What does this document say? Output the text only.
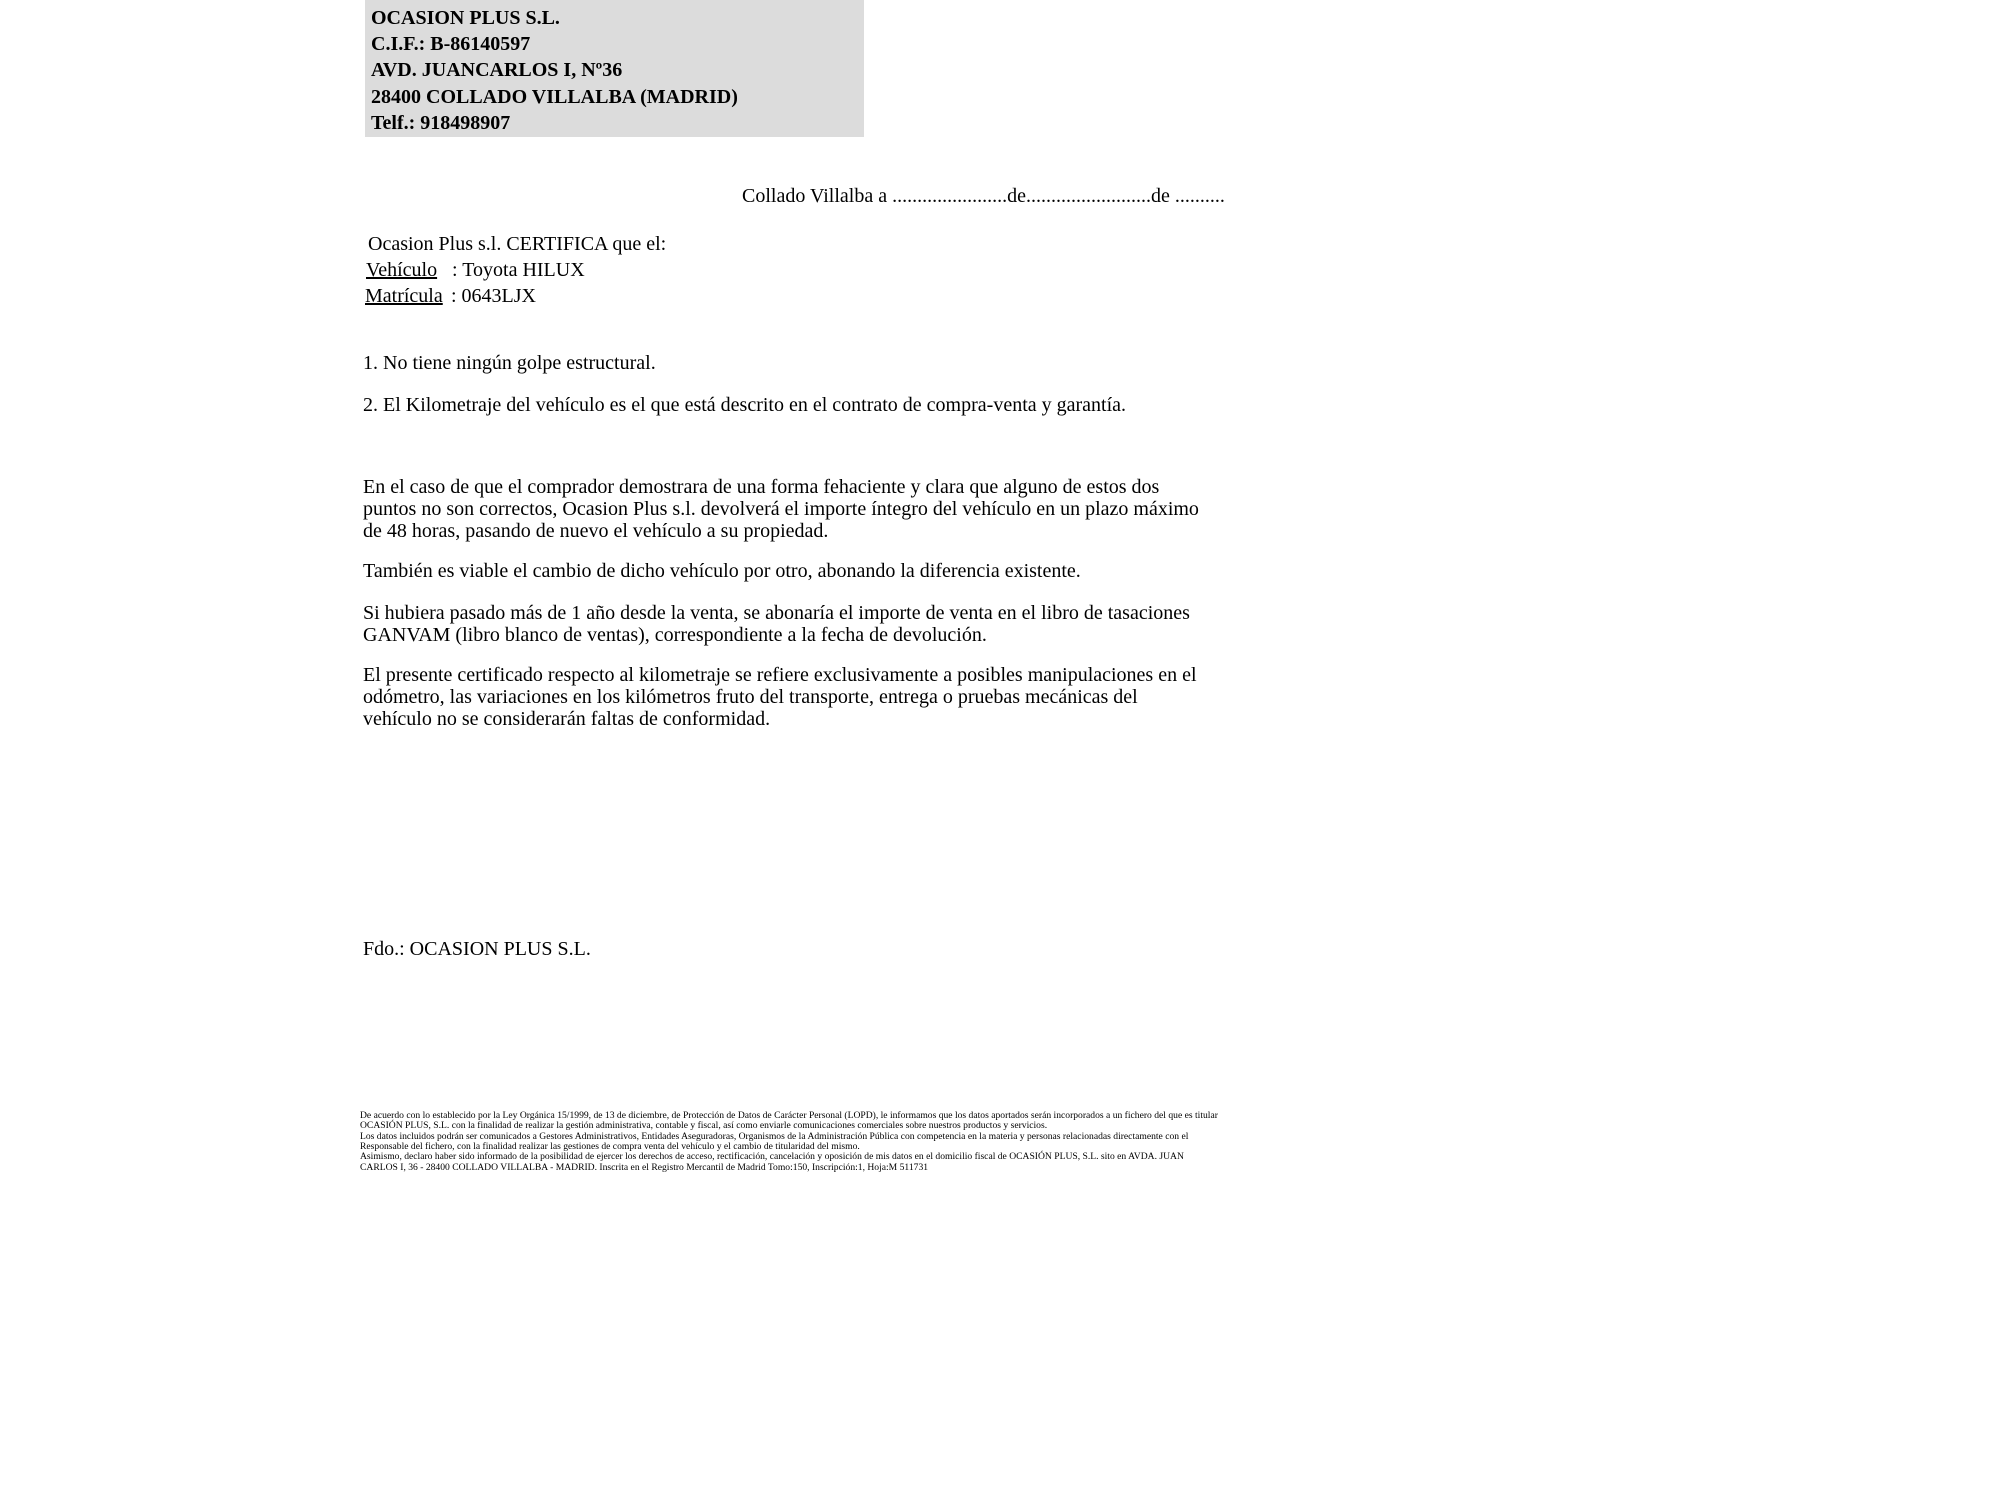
OCASION PLUS S.L.
C.I.F.: B-86140597
AVD. JUANCARLOS I, Nº36
28400 COLLADO VILLALBA (MADRID)
Telf.: 918498907
Collado Villalba a .......................de.........................de ..........
Ocasion Plus s.l. CERTIFICA que el:
Vehículo : Toyota HILUX
Matrícula : 0643LJX
1. No tiene ningún golpe estructural.
2. El Kilometraje del vehículo es el que está descrito en el contrato de compra-venta y garantía.
En el caso de que el comprador demostrara de una forma fehaciente y clara que alguno de estos dos puntos no son correctos, Ocasion Plus s.l. devolverá el importe íntegro del vehículo en un plazo máximo de 48 horas, pasando de nuevo el vehículo a su propiedad.
También es viable el cambio de dicho vehículo por otro, abonando la diferencia existente.
Si hubiera pasado más de 1 año desde la venta, se abonaría el importe de venta en el libro de tasaciones GANVAM (libro blanco de ventas), correspondiente a la fecha de devolución.
El presente certificado respecto al kilometraje se refiere exclusivamente a posibles manipulaciones en el odómetro, las variaciones en los kilómetros fruto del transporte, entrega o pruebas mecánicas del vehículo no se considerarán faltas de conformidad.
Fdo.: OCASION PLUS S.L.
De acuerdo con lo establecido por la Ley Orgánica 15/1999, de 13 de diciembre, de Protección de Datos de Carácter Personal (LOPD), le informamos que los datos aportados serán incorporados a un fichero del que es titular
OCASIÓN PLUS, S.L. con la finalidad de realizar la gestión administrativa, contable y fiscal, así como enviarle comunicaciones comerciales sobre nuestros productos y servicios.
Los datos incluidos podrán ser comunicados a Gestores Administrativos, Entidades Aseguradoras, Organismos de la Administración Pública con competencia en la materia y personas relacionadas directamente con el
Responsable del fichero, con la finalidad realizar las gestiones de compra venta del vehículo y el cambio de titularidad del mismo.
Asimismo, declaro haber sido informado de la posibilidad de ejercer los derechos de acceso, rectificación, cancelación y oposición de mis datos en el domicilio fiscal de OCASIÓN PLUS, S.L. sito en AVDA. JUAN
CARLOS I, 36 - 28400 COLLADO VILLALBA - MADRID. Inscrita en el Registro Mercantil de Madrid Tomo:150, Inscripción:1, Hoja:M 511731
